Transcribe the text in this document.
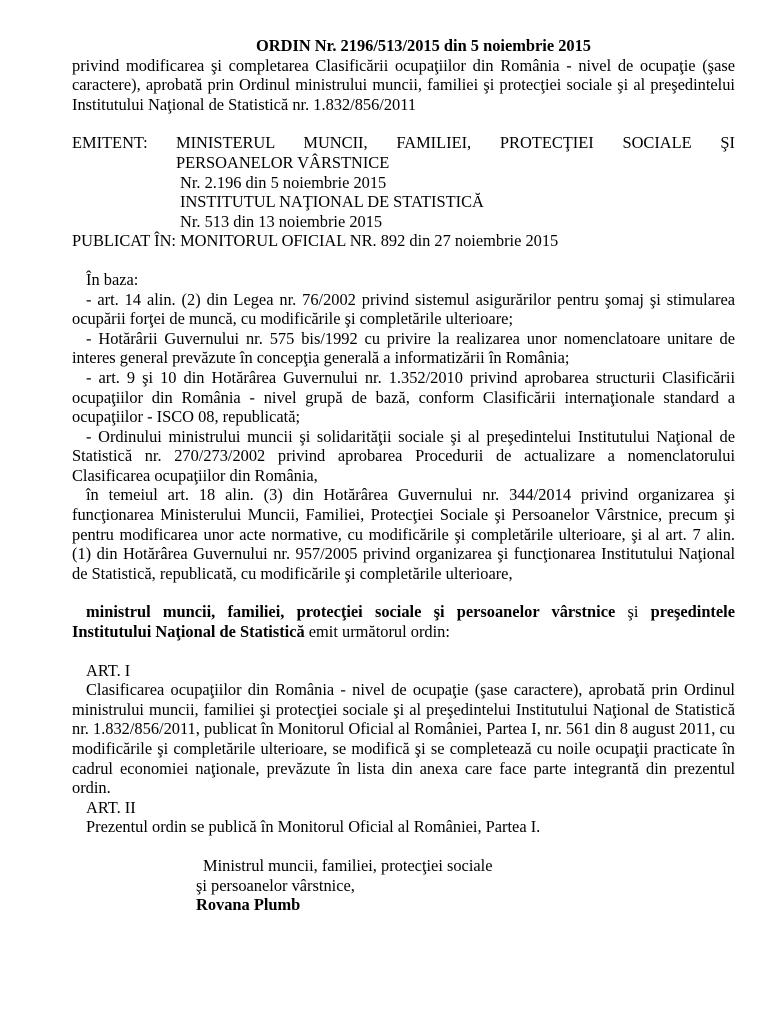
ORDIN Nr. 2196/513/2015 din 5 noiembrie 2015
privind modificarea şi completarea Clasificării ocupaţiilor din România - nivel de ocupaţie (şase caractere), aprobată prin Ordinul ministrului muncii, familiei şi protecţiei sociale şi al preşedintelui Institutului Naţional de Statistică nr. 1.832/856/2011
EMITENT:	MINISTERUL MUNCII, FAMILIEI, PROTECŢIEI SOCIALE ŞI
PERSOANELOR VÂRSTNICE
Nr. 2.196 din 5 noiembrie 2015
INSTITUTUL NAŢIONAL DE STATISTICĂ
Nr. 513 din 13 noiembrie 2015
PUBLICAT ÎN: MONITORUL OFICIAL NR. 892 din 27 noiembrie 2015
În baza:
- art. 14 alin. (2) din Legea nr. 76/2002 privind sistemul asigurărilor pentru şomaj şi stimularea ocupării forţei de muncă, cu modificările şi completările ulterioare;
- Hotărârii Guvernului nr. 575 bis/1992 cu privire la realizarea unor nomenclatoare unitare de interes general prevăzute în concepţia generală a informatizării în România;
- art. 9 şi 10 din Hotărârea Guvernului nr. 1.352/2010 privind aprobarea structurii Clasificării ocupaţiilor din România - nivel grupă de bază, conform Clasificării internaţionale standard a ocupaţiilor - ISCO 08, republicată;
- Ordinului ministrului muncii şi solidarităţii sociale şi al preşedintelui Institutului Naţional de Statistică nr. 270/273/2002 privind aprobarea Procedurii de actualizare a nomenclatorului Clasificarea ocupaţiilor din România,
în temeiul art. 18 alin. (3) din Hotărârea Guvernului nr. 344/2014 privind organizarea şi funcţionarea Ministerului Muncii, Familiei, Protecţiei Sociale şi Persoanelor Vârstnice, precum şi pentru modificarea unor acte normative, cu modificările şi completările ulterioare, şi al art. 7 alin. (1) din Hotărârea Guvernului nr. 957/2005 privind organizarea şi funcţionarea Institutului Naţional de Statistică, republicată, cu modificările şi completările ulterioare,
ministrul muncii, familiei, protecţiei sociale şi persoanelor vârstnice şi preşedintele Institutului Naţional de Statistică emit următorul ordin:
ART. I
Clasificarea ocupaţiilor din România - nivel de ocupaţie (şase caractere), aprobată prin Ordinul ministrului muncii, familiei şi protecţiei sociale şi al preşedintelui Institutului Naţional de Statistică nr. 1.832/856/2011, publicat în Monitorul Oficial al României, Partea I, nr. 561 din 8 august 2011, cu modificările şi completările ulterioare, se modifică şi se completează cu noile ocupaţii practicate în cadrul economiei naţionale, prevăzute în lista din anexa care face parte integrantă din prezentul ordin.
ART. II
Prezentul ordin se publică în Monitorul Oficial al României, Partea I.
Ministrul muncii, familiei, protecţiei sociale
şi persoanelor vârstnice,
Rovana Plumb
